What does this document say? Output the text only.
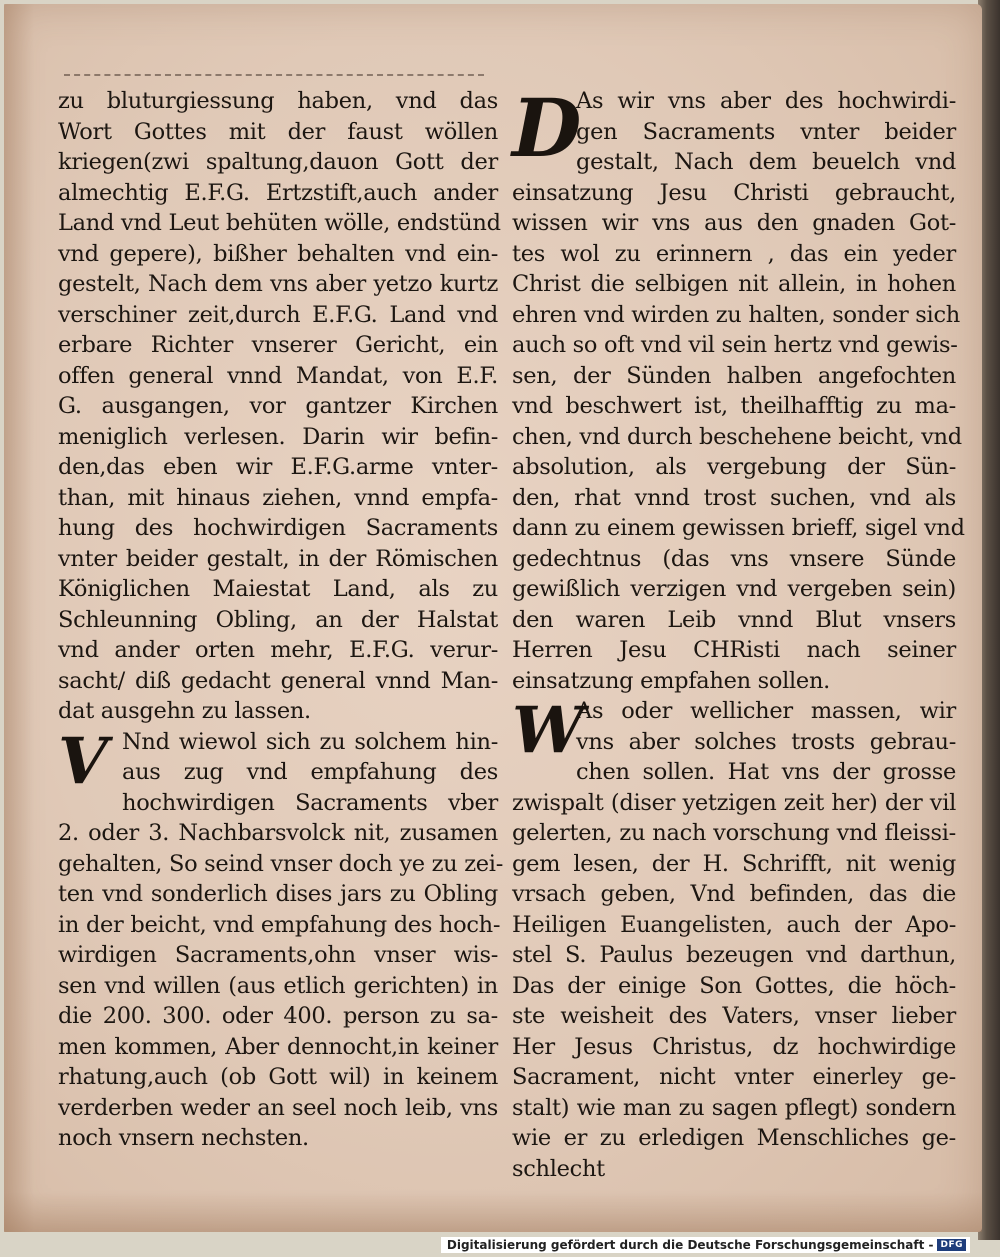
zu bluturgiessung haben, vnd das
Wort Gottes mit der faust wöllen
kriegen(zwi spaltung,dauon Gott der
almechtig E.F.G. Ertzstift,auch ander
Land vnd Leut behüten wölle, endstünd
vnd gepere), bißher behalten vnd ein-
gestelt, Nach dem vns aber yetzo kurtz
verschiner zeit,durch E.F.G. Land vnd
erbare Richter vnserer Gericht, ein
offen general vnnd Mandat, von E.F.
G. ausgangen, vor gantzer Kirchen
meniglich verlesen. Darin wir befin-
den,das eben wir E.F.G.arme vnter-
than, mit hinaus ziehen, vnnd empfa-
hung des hochwirdigen Sacraments
vnter beider gestalt, in der Römischen
Königlichen Maiestat Land, als zu
Schleunning Obling, an der Halstat
vnd ander orten mehr, E.F.G. verur-
sacht/ diß gedacht general vnnd Man-
dat ausgehn zu lassen.
V Nnd wiewol sich zu solchem hin-
aus zug vnd empfahung des
hochwirdigen Sacraments vber
2. oder 3. Nachbarsvolck nit, zusamen
gehalten, So seind vnser doch ye zu zei-
ten vnd sonderlich dises jars zu Obling
in der beicht, vnd empfahung des hoch-
wirdigen Sacraments,ohn vnser wis-
sen vnd willen (aus etlich gerichten) in
die 200. 300. oder 400. person zu sa-
men kommen, Aber dennocht,in keiner
rhatung,auch (ob Gott wil) in keinem
verderben weder an seel noch leib, vns
noch vnsern nechsten.
D
As wir vns aber des hochwirdi-
gen Sacraments vnter beider
gestalt, Nach dem beuelch vnd
einsatzung Jesu Christi gebraucht,
wissen wir vns aus den gnaden Got-
tes wol zu erinnern , das ein yeder
Christ die selbigen nit allein, in hohen
ehren vnd wirden zu halten, sonder sich
auch so oft vnd vil sein hertz vnd gewis-
sen, der Sünden halben angefochten
vnd beschwert ist, theilhafftig zu ma-
chen, vnd durch beschehene beicht, vnd
absolution, als vergebung der Sün-
den, rhat vnnd trost suchen, vnd als
dann zu einem gewissen brieff, sigel vnd
gedechtnus (das vns vnsere Sünde
gewißlich verzigen vnd vergeben sein)
den waren Leib vnnd Blut vnsers
Herren Jesu CHRisti nach seiner
einsatzung empfahen sollen.
W
As oder wellicher massen, wir
vns aber solches trosts gebrau-
chen sollen. Hat vns der grosse
zwispalt (diser yetzigen zeit her) der vil
gelerten, zu nach vorschung vnd fleissi-
gem lesen, der H. Schrifft, nit wenig
vrsach geben, Vnd befinden, das die
Heiligen Euangelisten, auch der Apo-
stel S. Paulus bezeugen vnd darthun,
Das der einige Son Gottes, die höch-
ste weisheit des Vaters, vnser lieber
Her Jesus Christus, dz hochwirdige
Sacrament, nicht vnter einerley ge-
stalt) wie man zu sagen pflegt) sondern
wie er zu erledigen Menschliches ge-
schlecht
Digitalisierung gefördert durch die Deutsche Forschungsgemeinschaft - DFG
